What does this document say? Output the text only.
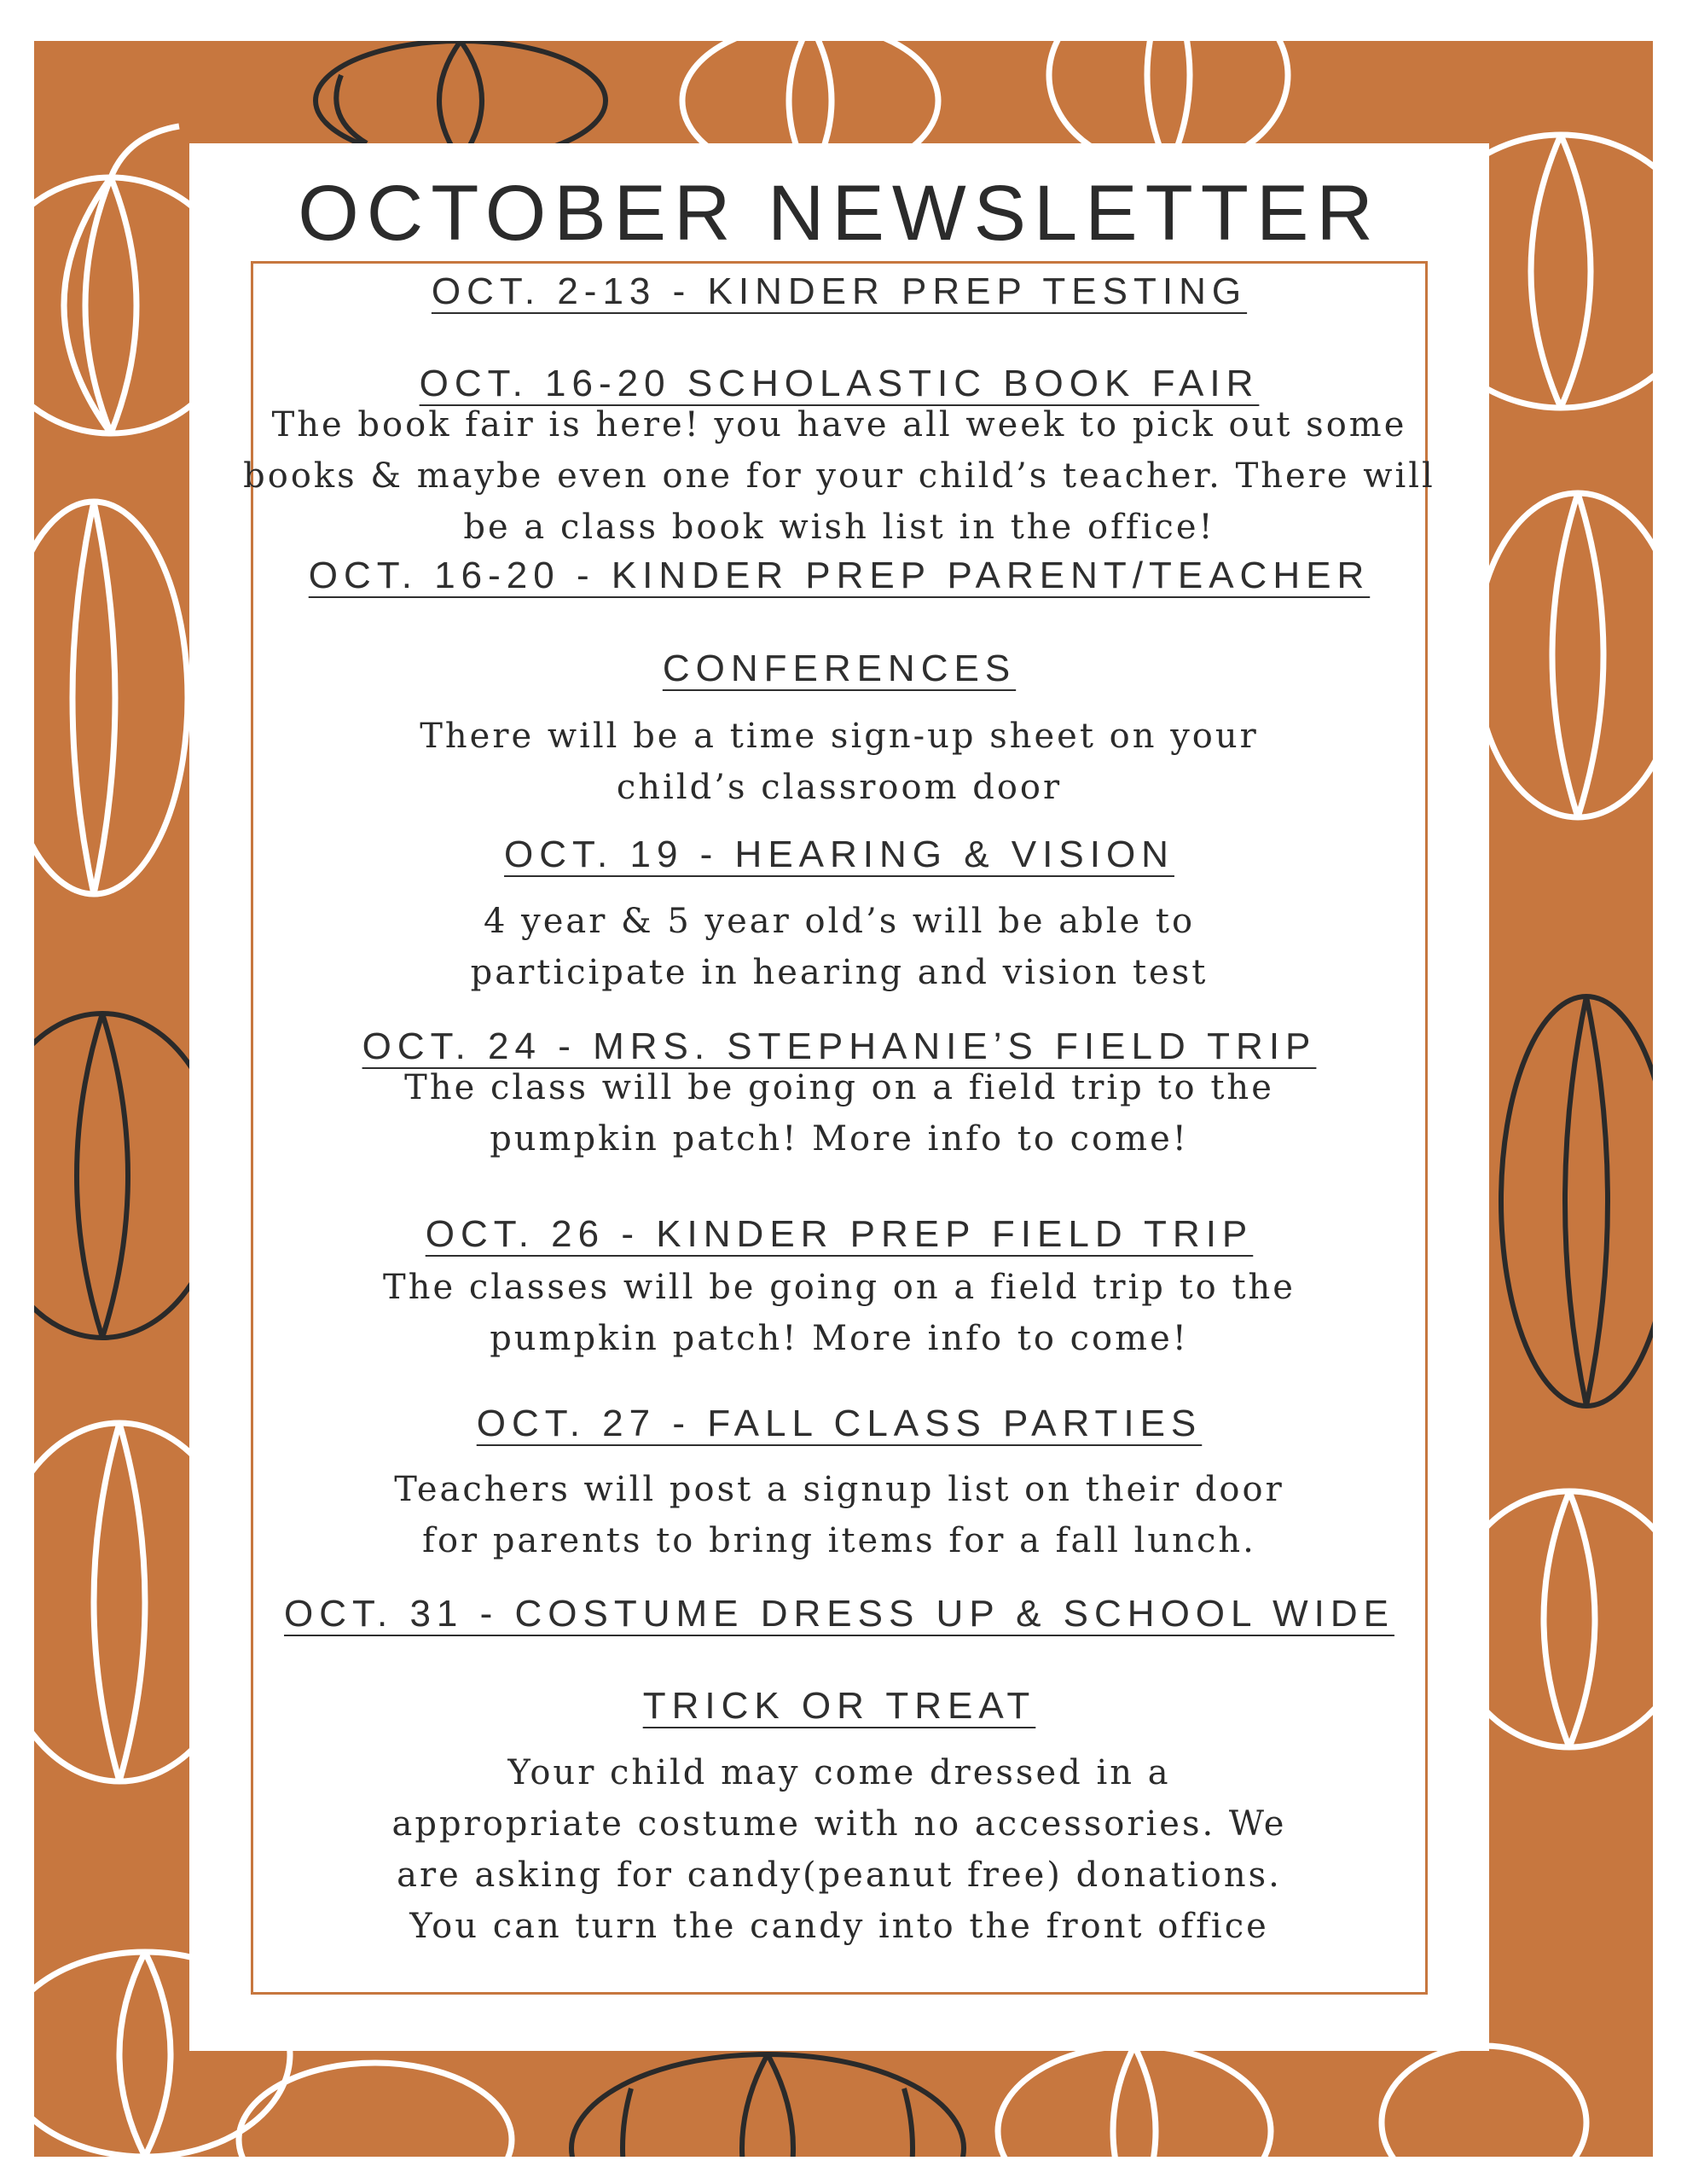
OCTOBER NEWSLETTER

OCT. 2-13 - KINDER PREP TESTING

OCT. 16-20 SCHOLASTIC BOOK FAIR

The book fair is here! you have all week to pick out some
books & maybe even one for your child’s teacher. There will
be a class book wish list in the office!

OCT. 16-20 - KINDER PREP PARENT/TEACHER

CONFERENCES

There will be a time sign-up sheet on your
child’s classroom door

OCT. 19 - HEARING & VISION

4 year & 5 year old’s will be able to
participate in hearing and vision test

OCT. 24 - MRS. STEPHANIE’S FIELD TRIP

The class will be going on a field trip to the
pumpkin patch! More info to come!

OCT. 26 - KINDER PREP FIELD TRIP

The classes will be going on a field trip to the
pumpkin patch! More info to come!

OCT. 27 - FALL CLASS PARTIES

Teachers will post a signup list on their door
for parents to bring items for a fall lunch.

OCT. 31 - COSTUME DRESS UP & SCHOOL WIDE

TRICK OR TREAT

Your child may come dressed in a
appropriate costume with no accessories. We
are asking for candy(peanut free) donations.
You can turn the candy into the front office
